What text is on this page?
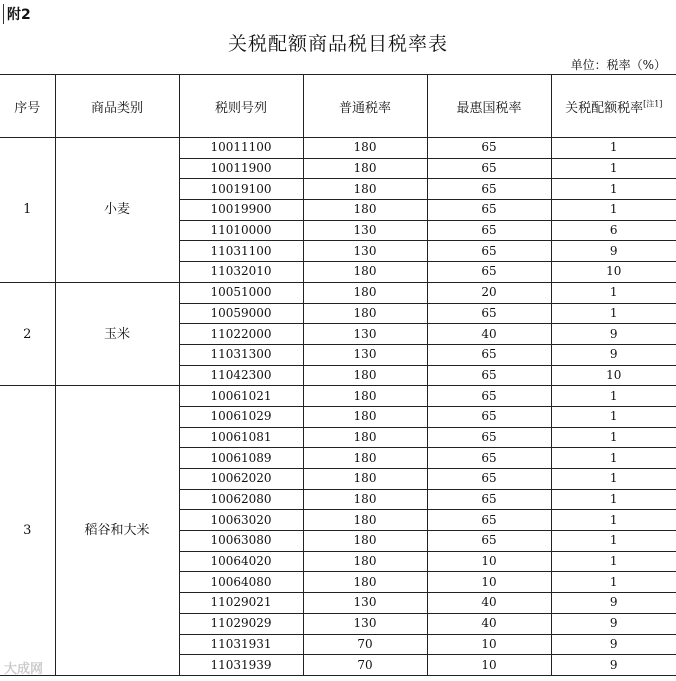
附2
关税配额商品税目税率表
单位：税率（%）
序号	商品类别	税则号列	普通税率	最惠国税率	关税配额税率[注1]
1	小麦	10011100	180	65	1
		10011900	180	65	1
		10019100	180	65	1
		10019900	180	65	1
		11010000	130	65	6
		11031100	130	65	9
		11032010	180	65	10
2	玉米	10051000	180	20	1
		10059000	180	65	1
		11022000	130	40	9
		11031300	130	65	9
		11042300	180	65	10
3	稻谷和大米	10061021	180	65	1
		10061029	180	65	1
		10061081	180	65	1
		10061089	180	65	1
		10062020	180	65	1
		10062080	180	65	1
		10063020	180	65	1
		10063080	180	65	1
		10064020	180	10	1
		10064080	180	10	1
		11029021	130	40	9
		11029029	130	40	9
		11031931	70	10	9
		11031939	70	10	9
大成网
